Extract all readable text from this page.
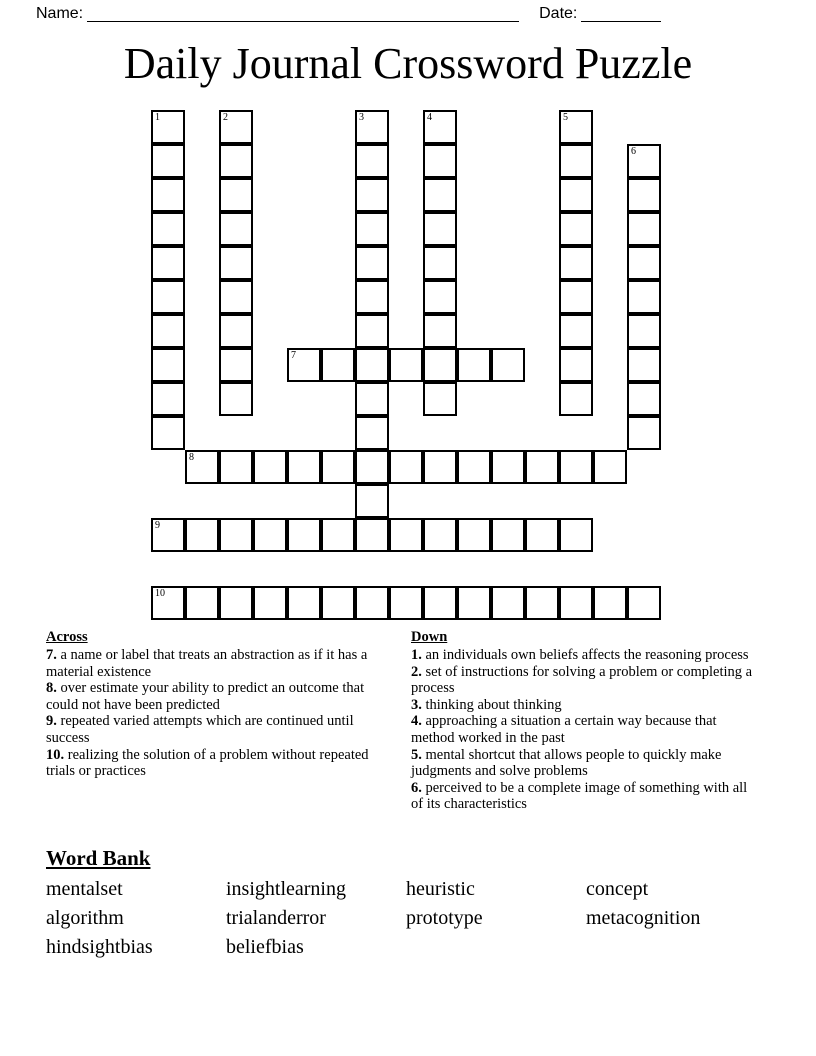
Name:	Date:
Daily Journal Crossword Puzzle
1	2	3	4	5
6
7
8
9
10
Across
7. a name or label that treats an abstraction as if it has a material existence
8. over estimate your ability to predict an outcome that could not have been predicted
9. repeated varied attempts which are continued until success
10. realizing the solution of a problem without repeated trials or practices
Down
1. an individuals own beliefs affects the reasoning process
2. set of instructions for solving a problem or completing a process
3. thinking about thinking
4. approaching a situation a certain way because that method worked in the past
5. mental shortcut that allows people to quickly make judgments and solve problems
6. perceived to be a complete image of something with all of its characteristics
Word Bank
mentalset	insightlearning	heuristic	concept
algorithm	trialanderror	prototype	metacognition
hindsightbias	beliefbias
